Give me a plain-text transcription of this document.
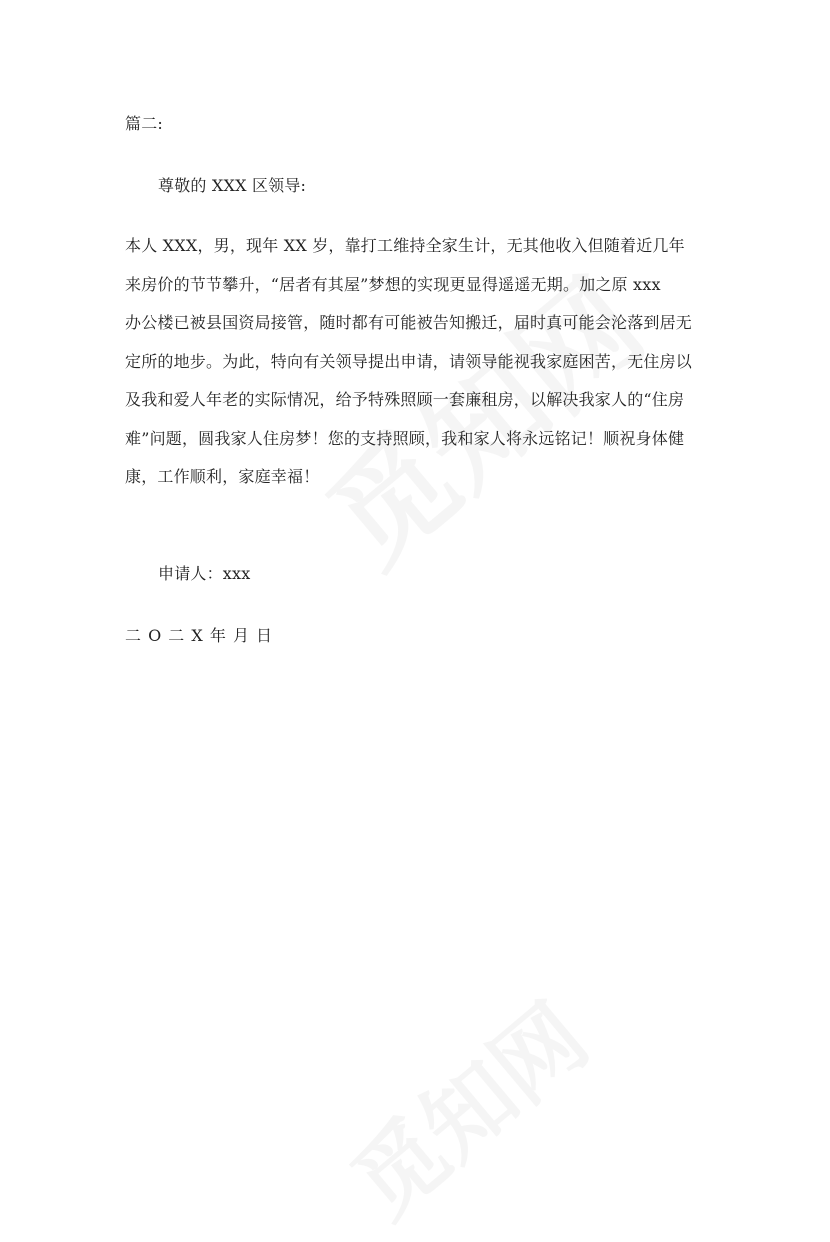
篇二:
尊敬的 XXX 区领导:
本人 XXX，男，现年 XX 岁，靠打工维持全家生计，无其他收入但随着近几年
来房价的节节攀升，“居者有其屋”梦想的实现更显得遥遥无期。加之原 xxx
办公楼已被县国资局接管，随时都有可能被告知搬迁，届时真可能会沦落到居无
定所的地步。为此，特向有关领导提出申请，请领导能视我家庭困苦，无住房以
及我和爱人年老的实际情况，给予特殊照顾一套廉租房，以解决我家人的“住房
难”问题，圆我家人住房梦！您的支持照顾，我和家人将永远铭记！顺祝身体健
康，工作顺利，家庭幸福！
申请人：xxx
二 O 二 X 年 月 日
